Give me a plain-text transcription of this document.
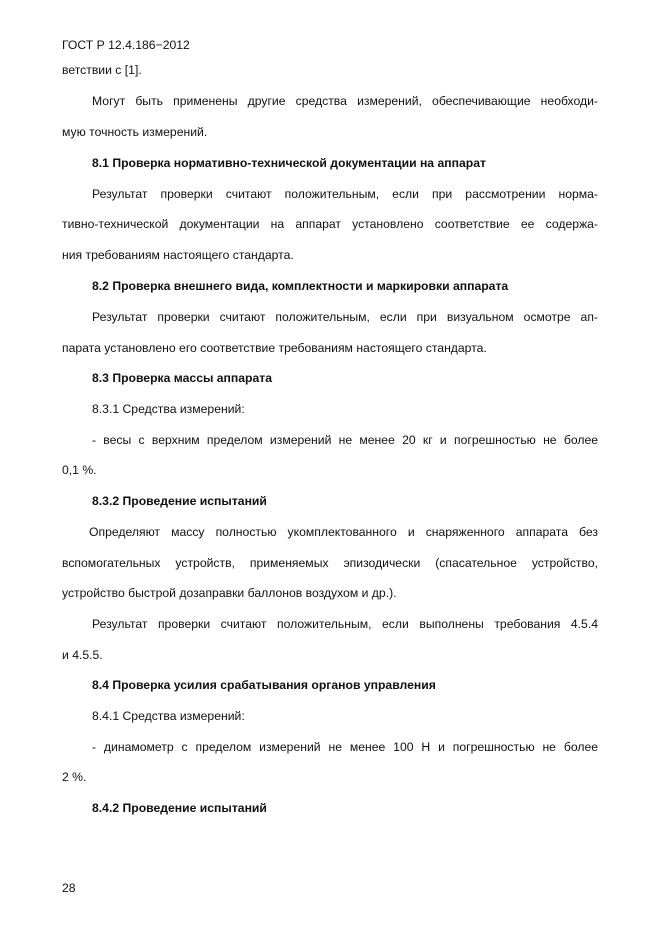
ГОСТ Р 12.4.186−2012
ветствии с [1].
Могут быть применены другие средства измерений, обеспечивающие необходи-
мую точность измерений.
8.1 Проверка нормативно-технической документации на аппарат
Результат проверки считают положительным, если при рассмотрении норма-
тивно-технической документации на аппарат установлено соответствие ее содержа-
ния требованиям настоящего стандарта.
8.2 Проверка внешнего вида, комплектности и маркировки аппарата
Результат проверки считают положительным, если при визуальном осмотре ап-
парата установлено его соответствие требованиям настоящего стандарта.
8.3 Проверка массы аппарата
8.3.1 Средства измерений:
- весы с верхним пределом измерений не менее 20 кг и погрешностью не более
0,1 %.
8.3.2 Проведение испытаний
Определяют массу полностью укомплектованного и снаряженного аппарата без
вспомогательных устройств, применяемых эпизодически (спасательное устройство,
устройство быстрой дозаправки баллонов воздухом и др.).
Результат проверки считают положительным, если выполнены требования 4.5.4
и 4.5.5.
8.4 Проверка усилия срабатывания органов управления
8.4.1 Средства измерений:
- динамометр с пределом измерений не менее 100 Н и погрешностью не более
2 %.
8.4.2 Проведение испытаний
28
